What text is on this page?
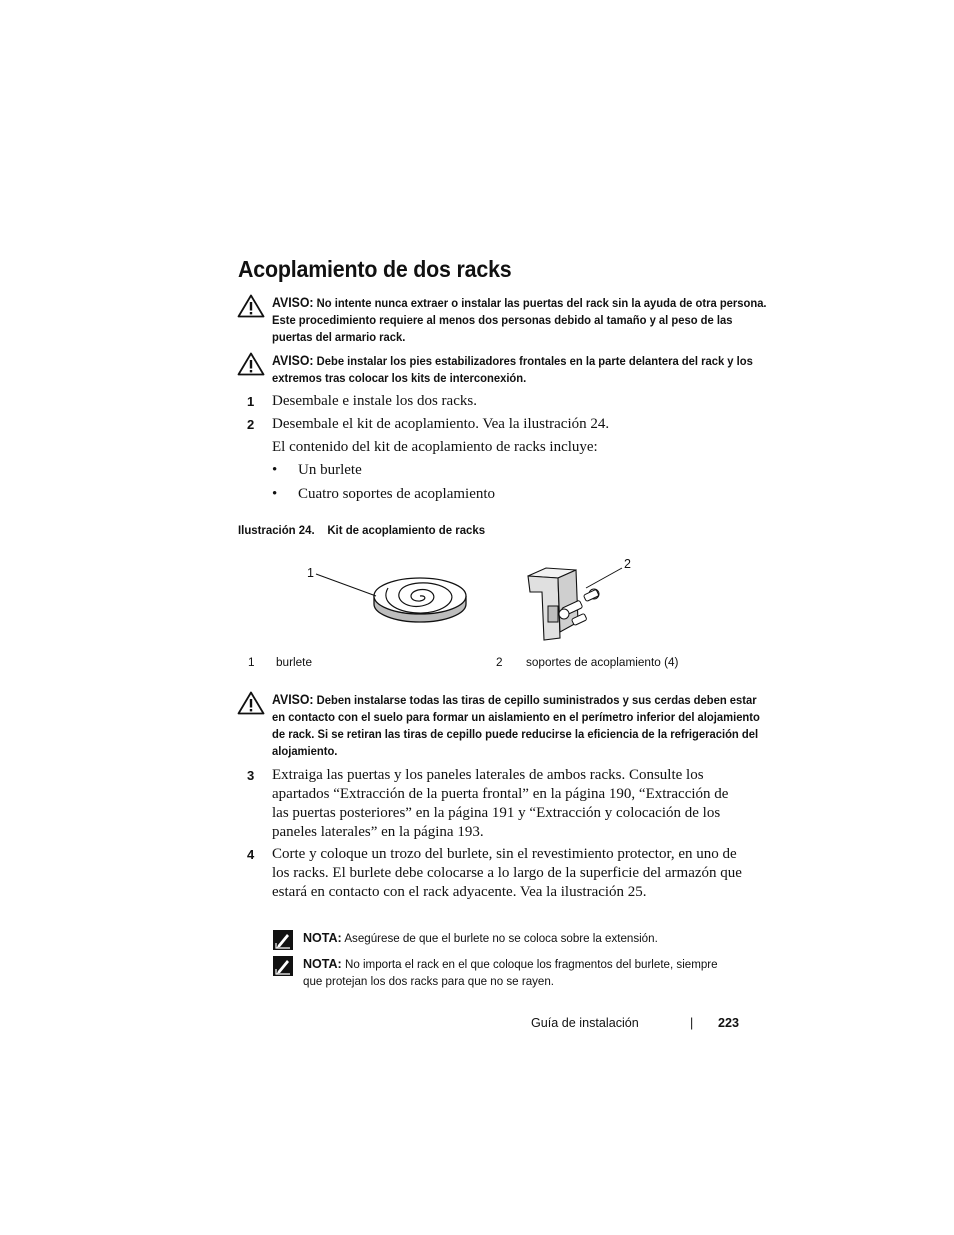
Acoplamiento de dos racks
AVISO: No intente nunca extraer o instalar las puertas del rack sin la ayuda de otra persona. Este procedimiento requiere al menos dos personas debido al tamaño y al peso de las puertas del armario rack.
AVISO: Debe instalar los pies estabilizadores frontales en la parte delantera del rack y los extremos tras colocar los kits de interconexión.
1 Desembale e instale los dos racks.
2 Desembale el kit de acoplamiento. Vea la ilustración 24.
El contenido del kit de acoplamiento de racks incluye:
• Un burlete
• Cuatro soportes de acoplamiento
Ilustración 24.    Kit de acoplamiento de racks
1
2
1 burlete	2 soportes de acoplamiento (4)
AVISO: Deben instalarse todas las tiras de cepillo suministrados y sus cerdas deben estar en contacto con el suelo para formar un aislamiento en el perímetro inferior del alojamiento de rack. Si se retiran las tiras de cepillo puede reducirse la eficiencia de la refrigeración del alojamiento.
3 Extraiga las puertas y los paneles laterales de ambos racks. Consulte los apartados “Extracción de la puerta frontal” en la página 190, “Extracción de las puertas posteriores” en la página 191 y “Extracción y colocación de los paneles laterales” en la página 193.
4 Corte y coloque un trozo del burlete, sin el revestimiento protector, en uno de los racks. El burlete debe colocarse a lo largo de la superficie del armazón que estará en contacto con el rack adyacente. Vea la ilustración 25.
NOTA: Asegúrese de que el burlete no se coloca sobre la extensión.
NOTA: No importa el rack en el que coloque los fragmentos del burlete, siempre que protejan los dos racks para que no se rayen.
Guía de instalación	| 223
